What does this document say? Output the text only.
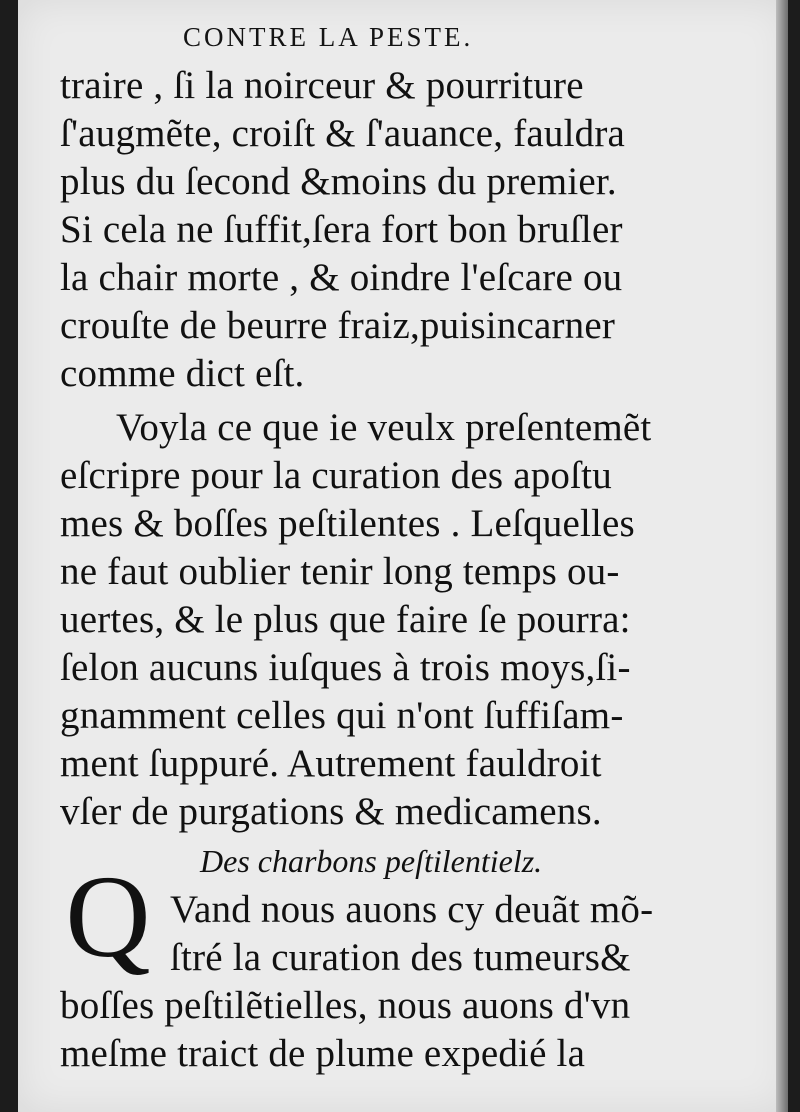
CONTRE LA PESTE.
traire , ſi la noirceur & pourriture
ſ'augmẽte, croiſt & ſ'auance, fauldra
plus du ſecond &moins du premier.
Si cela ne ſuffit,ſera fort bon bruſler
la chair morte , & oindre l'eſcare ou
crouſte de beurre fraiz,puisincarner
comme dict eſt.
Voyla ce que ie veulx preſentemẽt
eſcripre pour la curation des apoſtu
mes & boſſes peſtilentes . Leſquelles
ne faut oublier tenir long temps ou-
uertes, & le plus que faire ſe pourra:
ſelon aucuns iuſques à trois moys,ſi-
gnamment celles qui n'ont ſuffiſam-
ment ſuppuré. Autrement fauldroit
vſer de purgations & medicamens.
Des charbons peſtilentielz.
Vand nous auons cy deuãt mõ-
ſtré la curation des tumeurs&
boſſes peſtilẽtielles, nous auons d'vn
meſme traict de plume expedié la
Q
